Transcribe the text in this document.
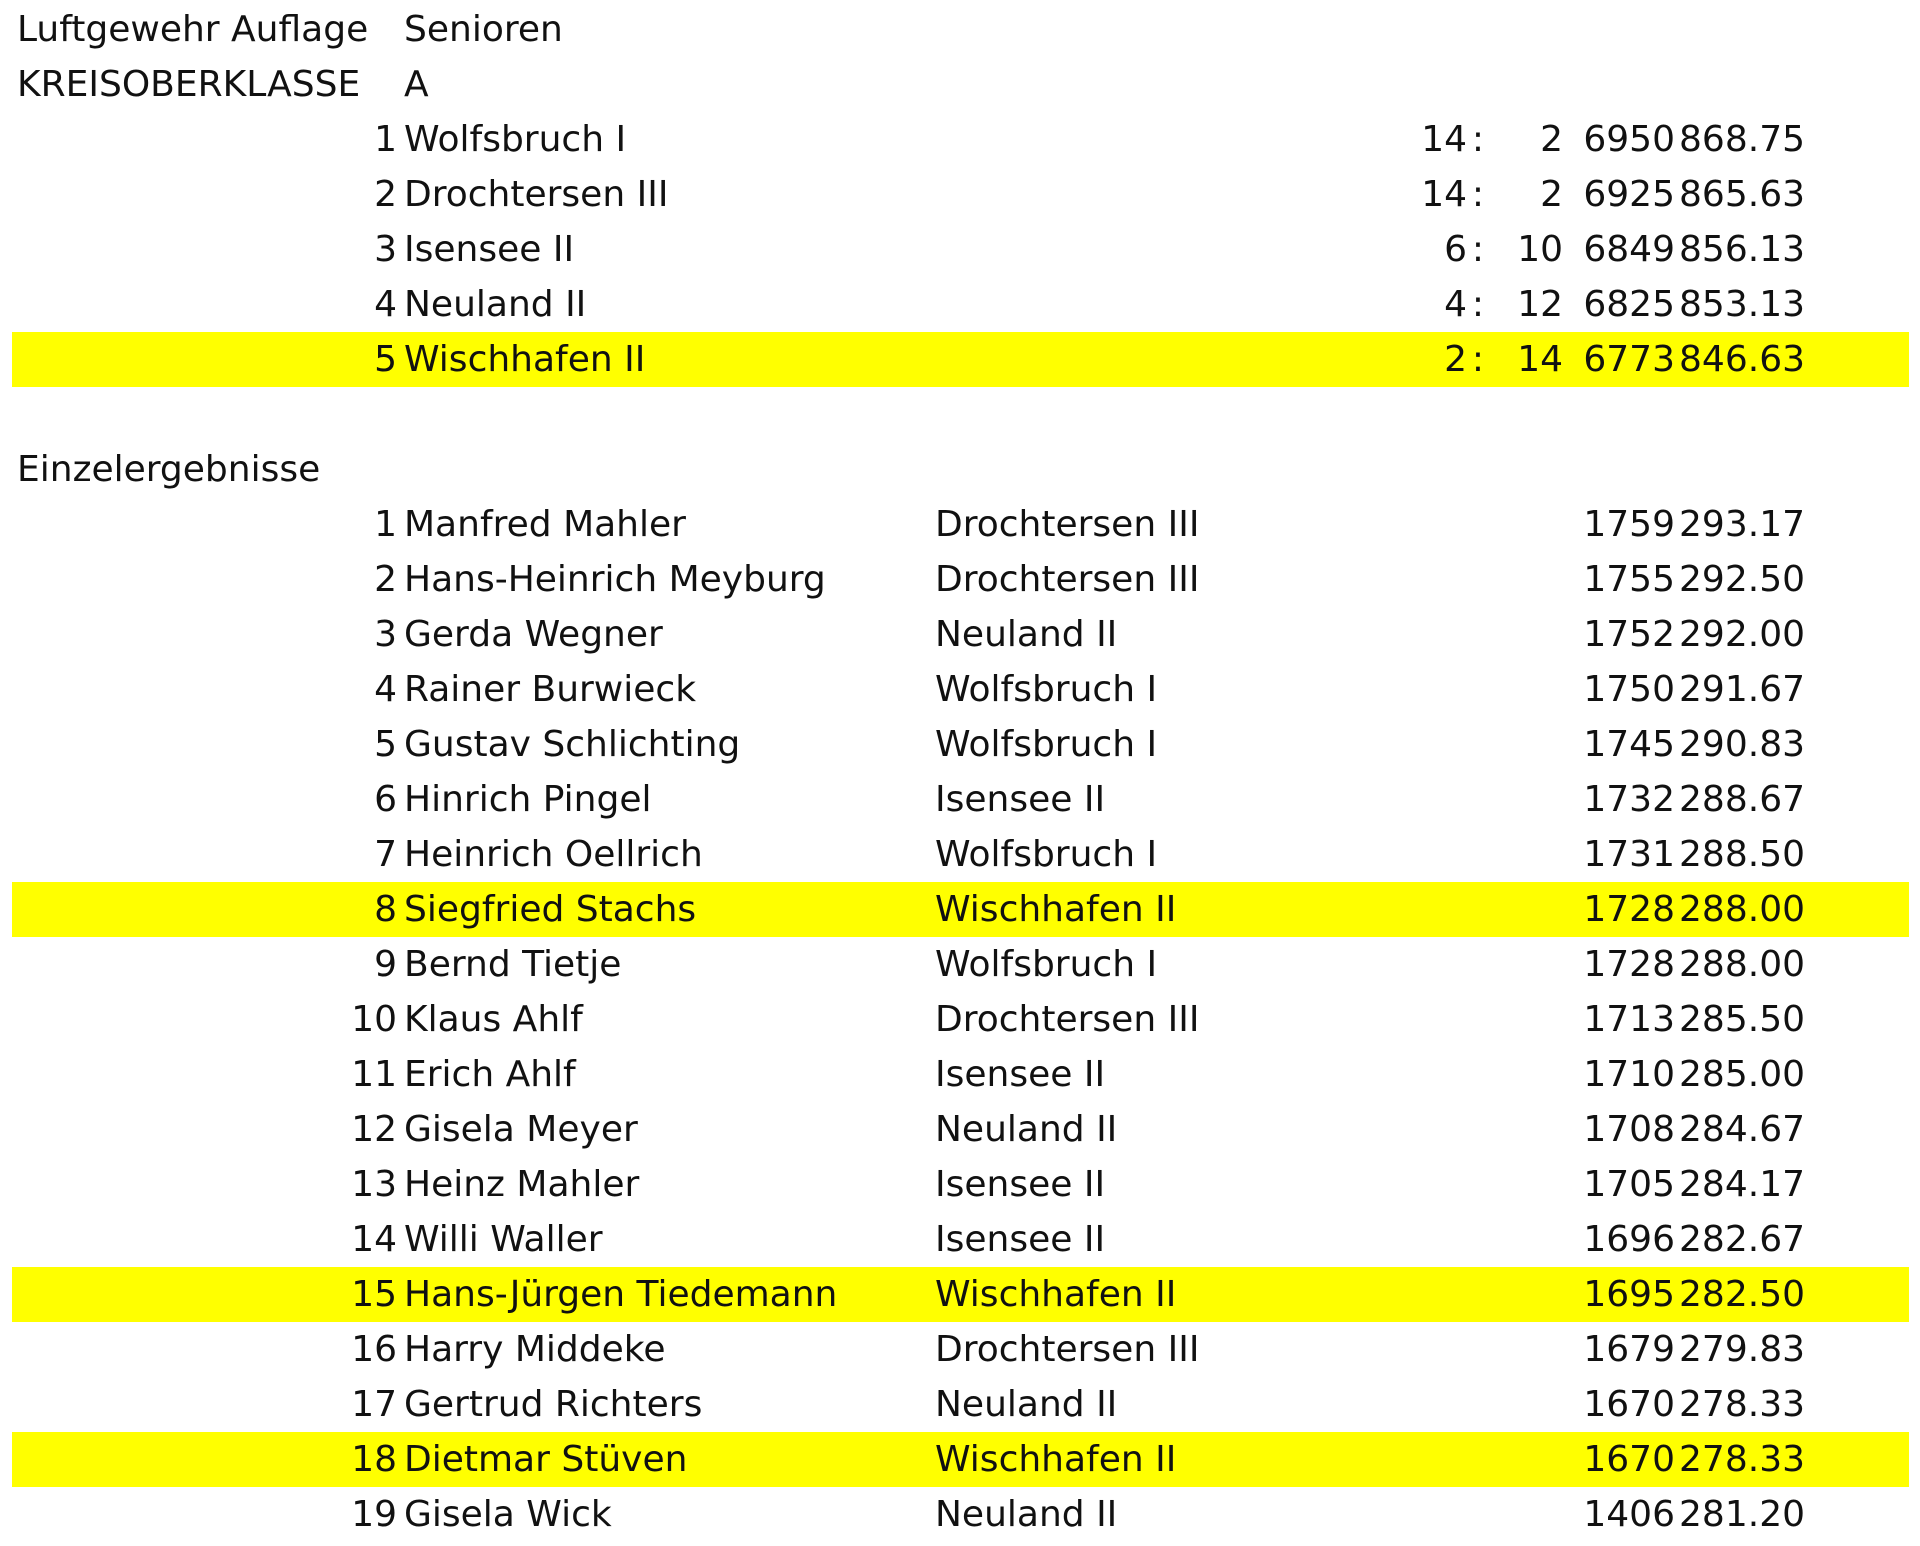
Luftgewehr Auflage Senioren
KREISOBERKLASSE A
1 Wolfsbruch I	14 :	2 6950 868.75
2 Drochtersen III	14 :	2 6925 865.63
3 Isensee II	6 : 10 6849 856.13
4 Neuland II	4 : 12 6825 853.13
5 Wischhafen II	2 : 14 6773 846.63
Einzelergebnisse
1 Manfred Mahler	Drochtersen III	1759 293.17
2 Hans-Heinrich Meyburg	Drochtersen III	1755 292.50
3 Gerda Wegner	Neuland II	1752 292.00
4 Rainer Burwieck	Wolfsbruch I	1750 291.67
5 Gustav Schlichting	Wolfsbruch I	1745 290.83
6 Hinrich Pingel	Isensee II	1732 288.67
7 Heinrich Oellrich	Wolfsbruch I	1731 288.50
8 Siegfried Stachs	Wischhafen II	1728 288.00
9 Bernd Tietje	Wolfsbruch I	1728 288.00
10 Klaus Ahlf	Drochtersen III	1713 285.50
11 Erich Ahlf	Isensee II	1710 285.00
12 Gisela Meyer	Neuland II	1708 284.67
13 Heinz Mahler	Isensee II	1705 284.17
14 Willi Waller	Isensee II	1696 282.67
15 Hans-Jürgen Tiedemann	Wischhafen II	1695 282.50
16 Harry Middeke	Drochtersen III	1679 279.83
17 Gertrud Richters	Neuland II	1670 278.33
18 Dietmar Stüven	Wischhafen II	1670 278.33
19 Gisela Wick	Neuland II	1406 281.20
